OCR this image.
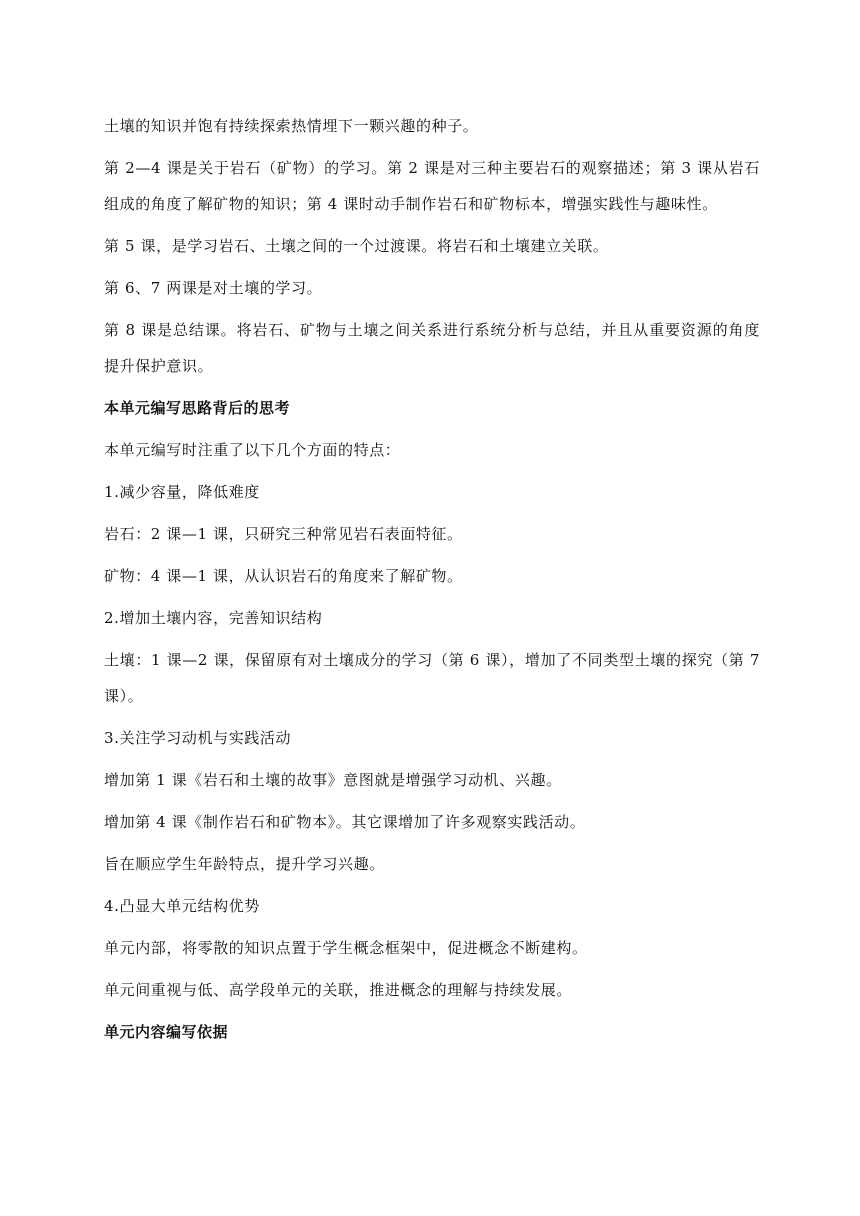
土壤的知识并饱有持续探索热情埋下一颗兴趣的种子。

第 2—4 课是关于岩石（矿物）的学习。第 2 课是对三种主要岩石的观察描述；第 3 课从岩石组成的角度了解矿物的知识；第 4 课时动手制作岩石和矿物标本，增强实践性与趣味性。

第 5 课，是学习岩石、土壤之间的一个过渡课。将岩石和土壤建立关联。

第 6、7 两课是对土壤的学习。

第 8 课是总结课。将岩石、矿物与土壤之间关系进行系统分析与总结，并且从重要资源的角度提升保护意识。

本单元编写思路背后的思考

本单元编写时注重了以下几个方面的特点：

1.减少容量，降低难度

岩石：2 课—1 课，只研究三种常见岩石表面特征。

矿物：4 课—1 课，从认识岩石的角度来了解矿物。

2.增加土壤内容，完善知识结构

土壤：1 课—2 课，保留原有对土壤成分的学习（第 6 课），增加了不同类型土壤的探究（第 7 课）。

3.关注学习动机与实践活动

增加第 1 课《岩石和土壤的故事》意图就是增强学习动机、兴趣。

增加第 4 课《制作岩石和矿物本》。其它课增加了许多观察实践活动。

旨在顺应学生年龄特点，提升学习兴趣。

4.凸显大单元结构优势

单元内部，将零散的知识点置于学生概念框架中，促进概念不断建构。

单元间重视与低、高学段单元的关联，推进概念的理解与持续发展。

单元内容编写依据
